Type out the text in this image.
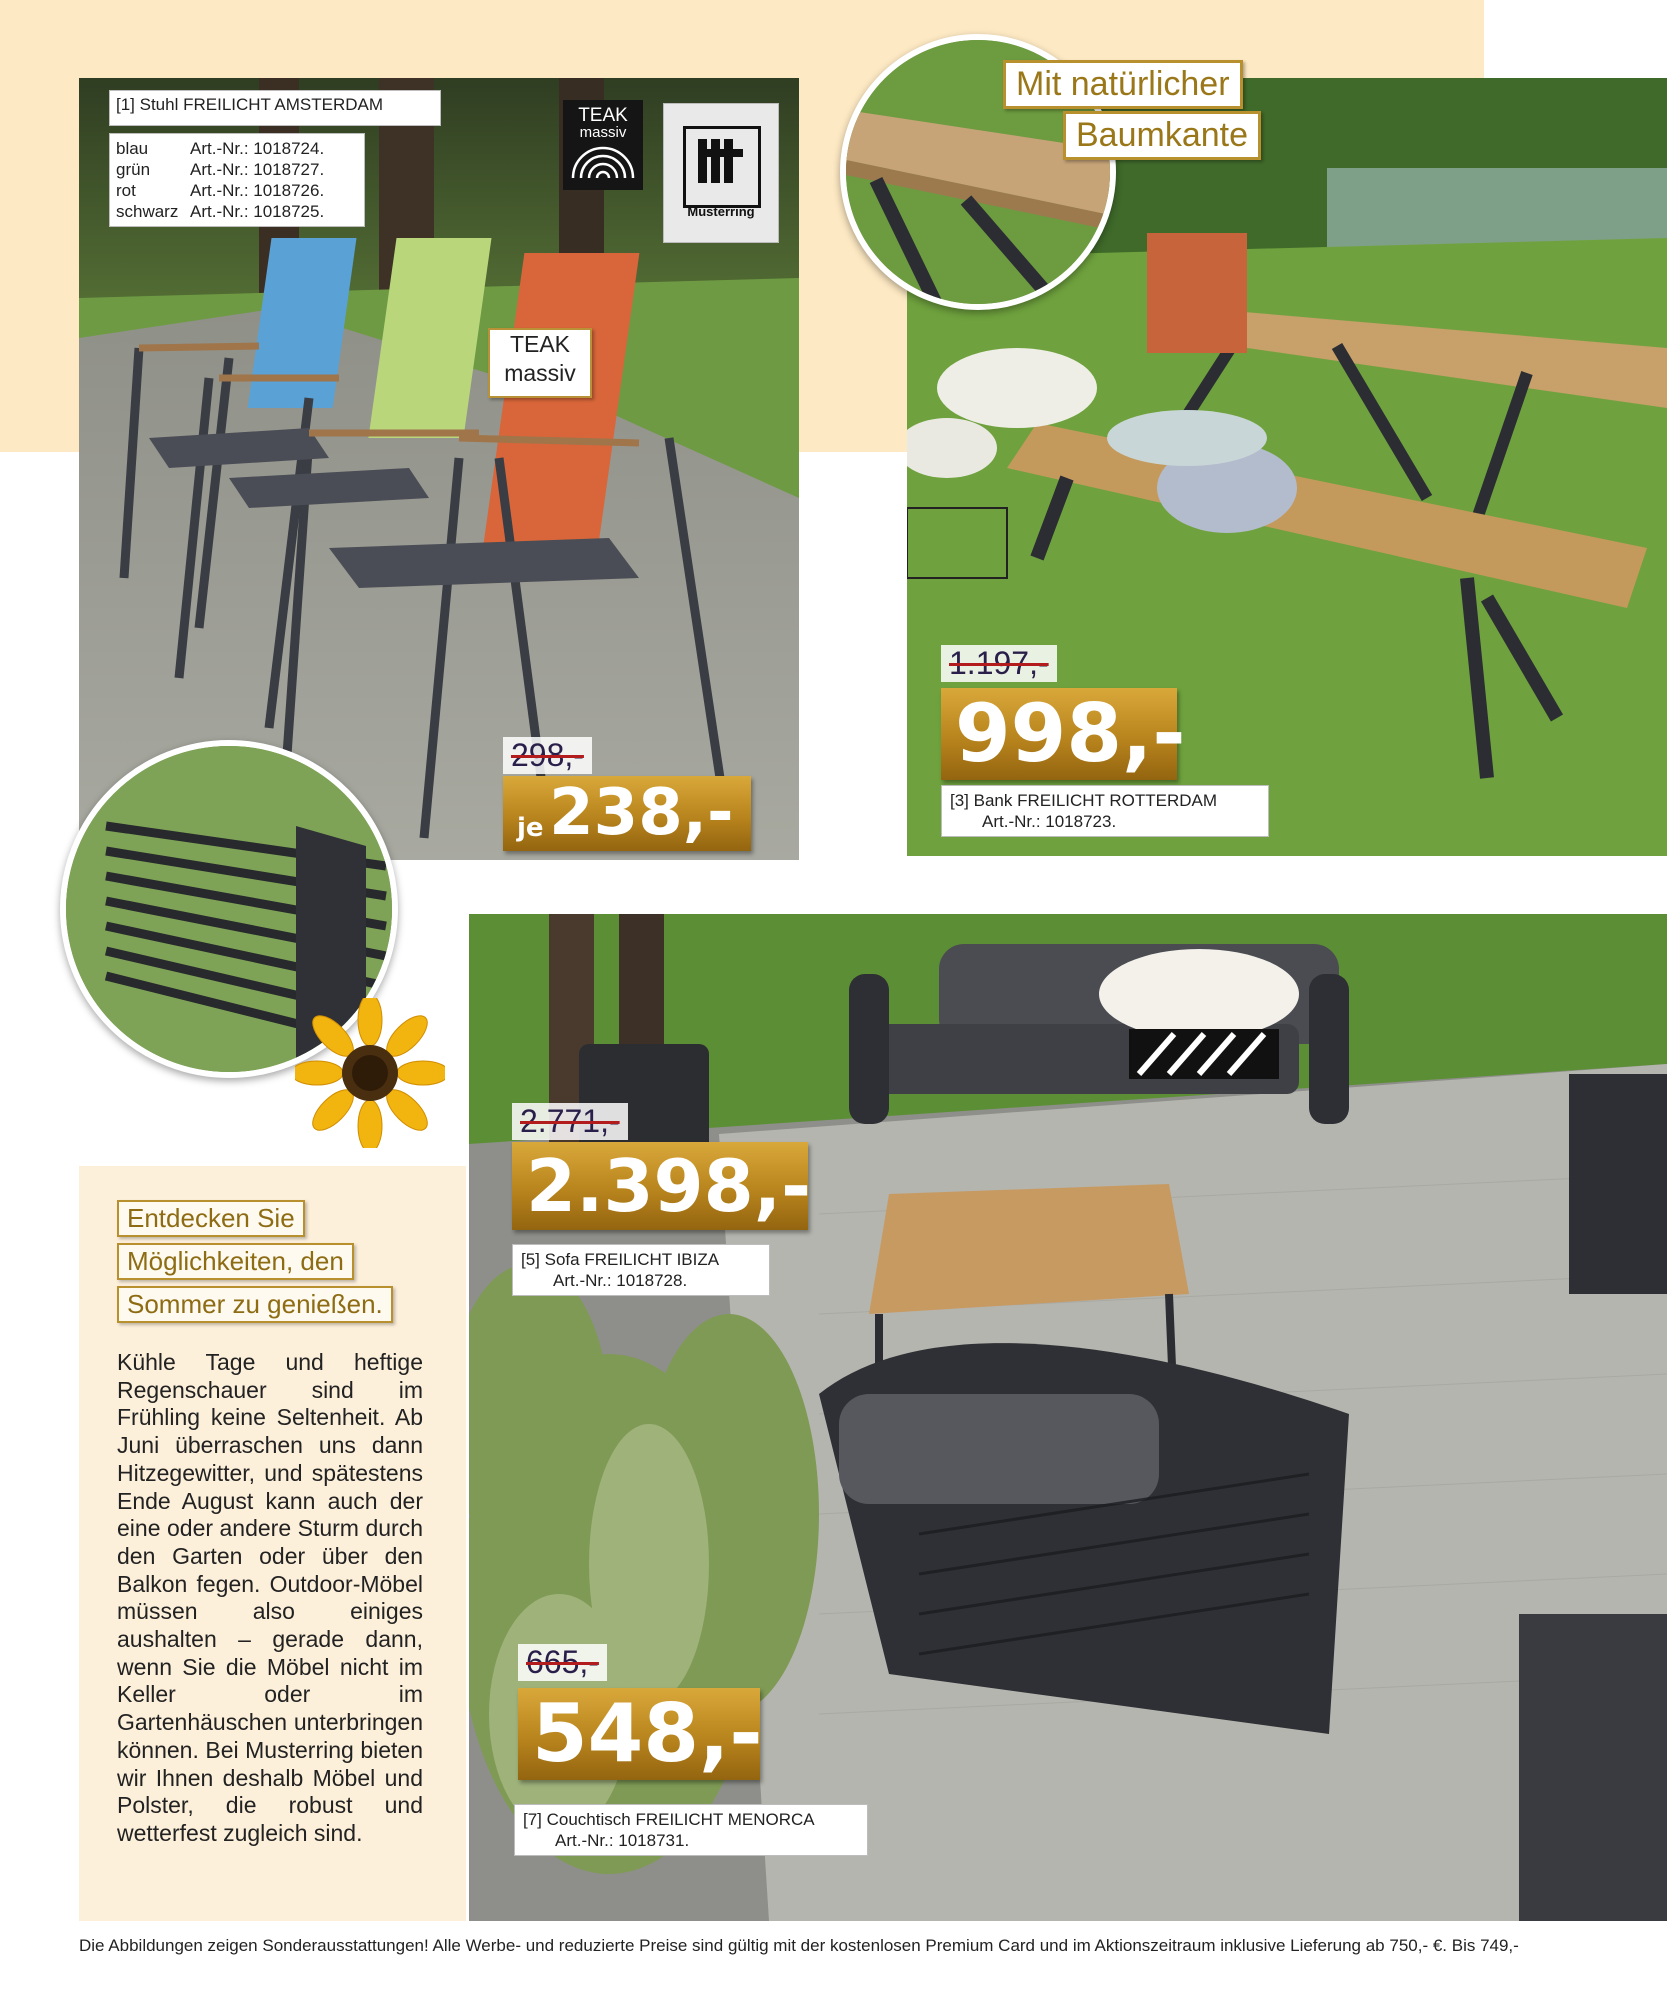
[1] Stuhl FREILICHT AMSTERDAM
blau Art.-Nr.: 1018724.
grün Art.-Nr.: 1018727.
rot	Art.-Nr.: 1018726.
schwarz Art.-Nr.: 1018725.
TEAK
massiv
Musterring
TEAK
massiv
298,-
je 238,-
Mit natürlicher
Baumkante
1.197,-
998,-
[3] Bank FREILICHT ROTTERDAM
Art.-Nr.: 1018723.
2.771,-
2.398,-
[5] Sofa FREILICHT IBIZA
Art.-Nr.: 1018728.
665,-
548,-
[7] Couchtisch FREILICHT MENORCA
Art.-Nr.: 1018731.
Entdecken Sie
Möglichkeiten, den
Sommer zu genießen.
Kühle Tage und heftige Regenschauer sind im Frühling keine Seltenheit. Ab Juni überraschen uns dann Hitzegewitter, und spätestens Ende August kann auch der eine oder andere Sturm durch den Garten oder über den Balkon fegen. Outdoor-Möbel müssen also einiges aushalten – gerade dann, wenn Sie die Möbel nicht im Keller oder im Gartenhäuschen unterbringen können. Bei Musterring bieten wir Ihnen deshalb Möbel und Polster, die robust und wetterfest zugleich sind.
Die Abbildungen zeigen Sonderausstattungen! Alle Werbe- und reduzierte Preise sind gültig mit der kostenlosen Premium Card und im Aktionszeitraum inklusive Lieferung ab 750,- €. Bis 749,-
